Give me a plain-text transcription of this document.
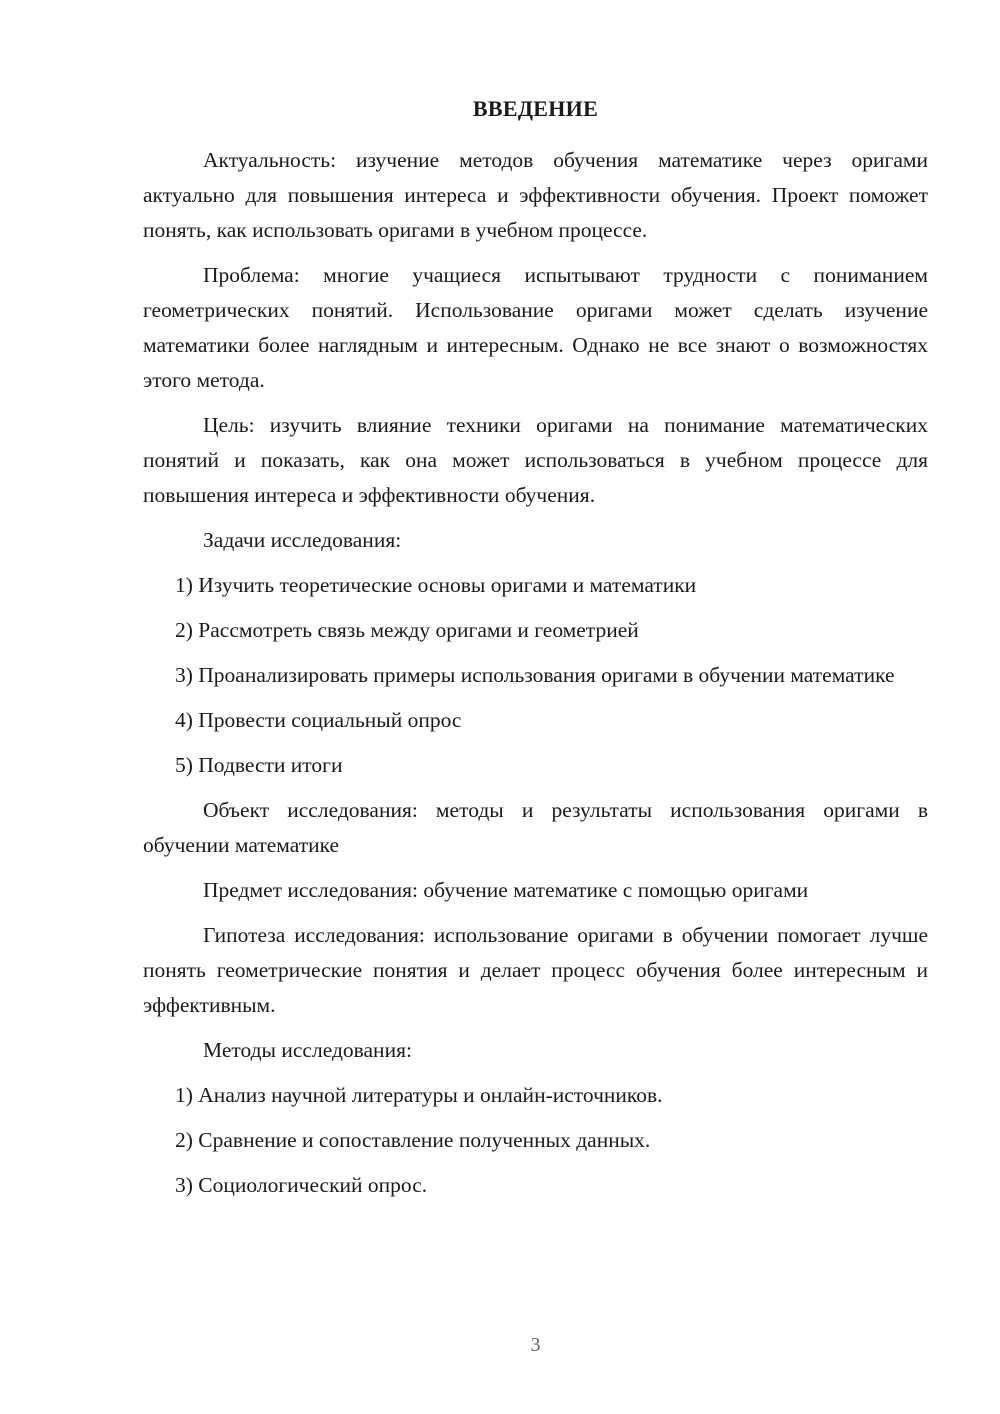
ВВЕДЕНИЕ

Актуальность: изучение методов обучения математике через оригами актуально для повышения интереса и эффективности обучения. Проект поможет понять, как использовать оригами в учебном процессе.

Проблема: многие учащиеся испытывают трудности с пониманием геометрических понятий. Использование оригами может сделать изучение математики более наглядным и интересным. Однако не все знают о возможностях этого метода.

Цель: изучить влияние техники оригами на понимание математических понятий и показать, как она может использоваться в учебном процессе для повышения интереса и эффективности обучения.

Задачи исследования:

1) Изучить теоретические основы оригами и математики

2) Рассмотреть связь между оригами и геометрией

3) Проанализировать примеры использования оригами в обучении математике

4) Провести социальный опрос

5) Подвести итоги

Объект исследования: методы и результаты использования оригами в обучении математике

Предмет исследования: обучение математике с помощью оригами

Гипотеза исследования: использование оригами в обучении помогает лучше понять геометрические понятия и делает процесс обучения более интересным и эффективным.

Методы исследования:

1) Анализ научной литературы и онлайн-источников.

2) Сравнение и сопоставление полученных данных.

3) Социологический опрос.

3
